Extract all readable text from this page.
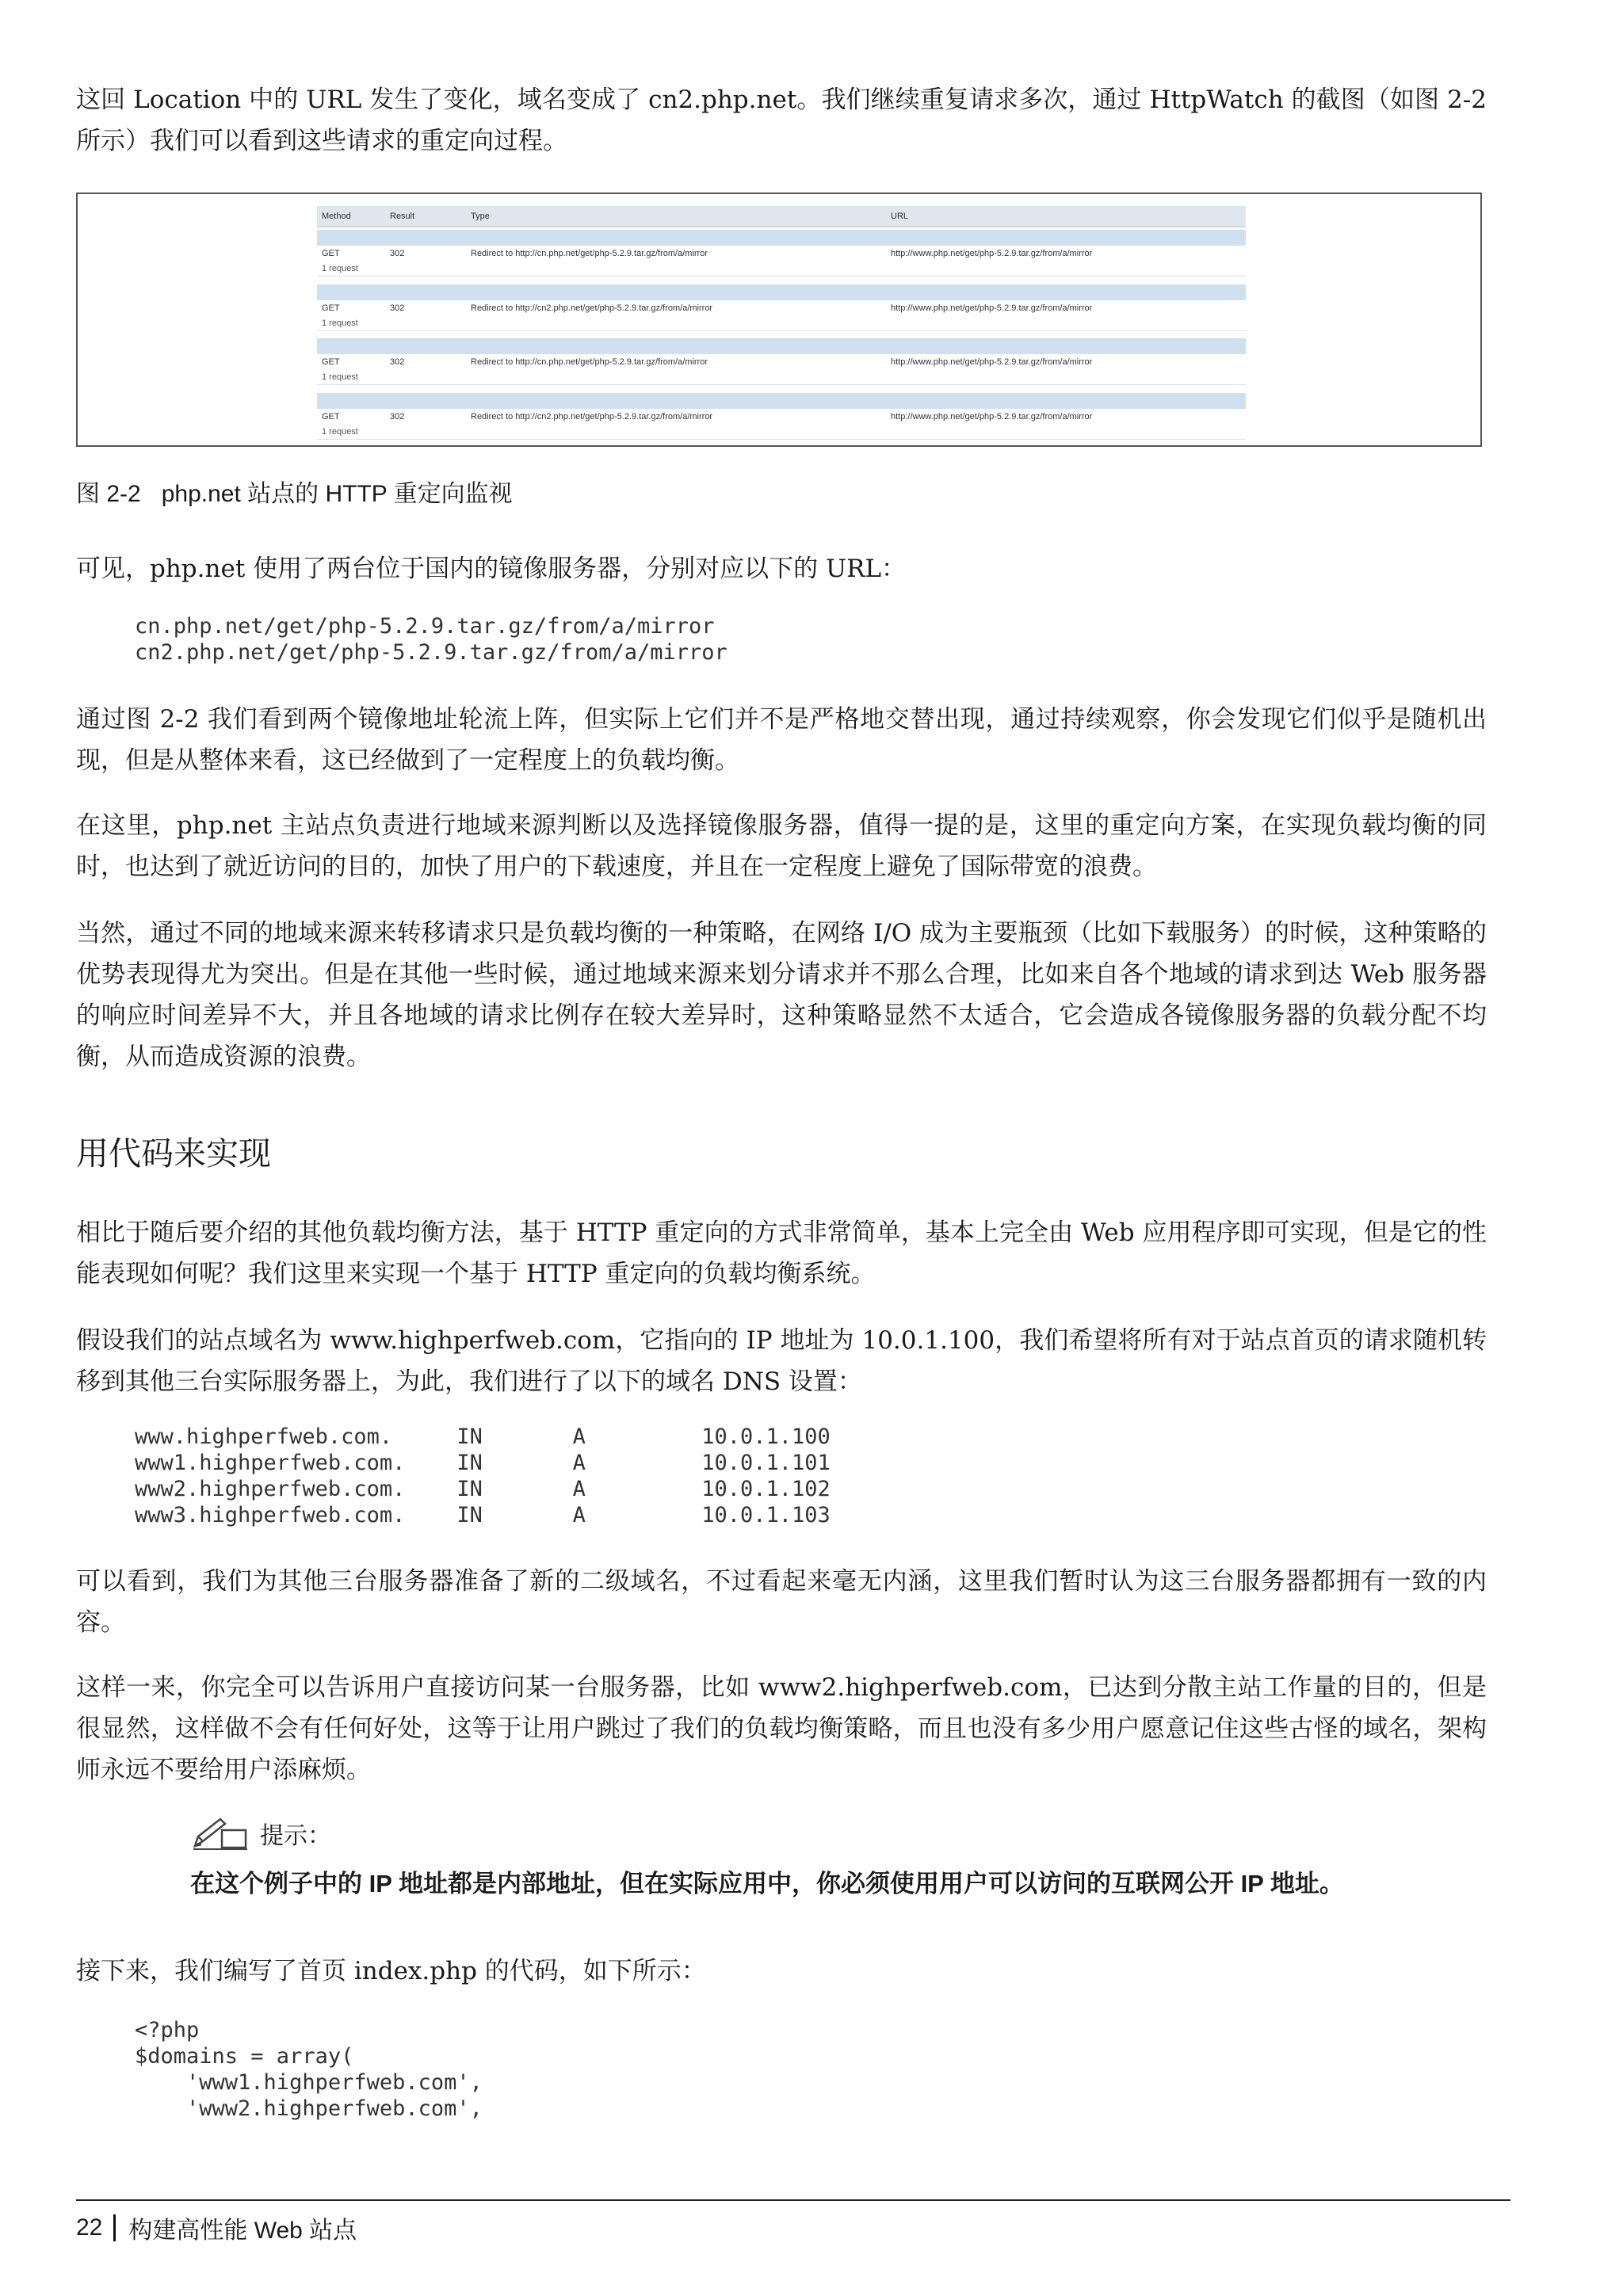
这回 Location 中的 URL 发生了变化，域名变成了 cn2.php.net。我们继续重复请求多次，通过 HttpWatch 的截图（如图 2-2 所示）我们可以看到这些请求的重定向过程。

Method	Result	Type	URL
GET	302	Redirect to http://cn.php.net/get/php-5.2.9.tar.gz/from/a/mirror	http://www.php.net/get/php-5.2.9.tar.gz/from/a/mirror
1 request
GET	302	Redirect to http://cn2.php.net/get/php-5.2.9.tar.gz/from/a/mirror	http://www.php.net/get/php-5.2.9.tar.gz/from/a/mirror
1 request
GET	302	Redirect to http://cn.php.net/get/php-5.2.9.tar.gz/from/a/mirror	http://www.php.net/get/php-5.2.9.tar.gz/from/a/mirror
1 request
GET	302	Redirect to http://cn2.php.net/get/php-5.2.9.tar.gz/from/a/mirror	http://www.php.net/get/php-5.2.9.tar.gz/from/a/mirror
1 request

图 2-2 php.net 站点的 HTTP 重定向监视

可见，php.net 使用了两台位于国内的镜像服务器，分别对应以下的 URL：

cn.php.net/get/php-5.2.9.tar.gz/from/a/mirror
cn2.php.net/get/php-5.2.9.tar.gz/from/a/mirror

通过图 2-2 我们看到两个镜像地址轮流上阵，但实际上它们并不是严格地交替出现，通过持续观察，你会发现它们似乎是随机出现，但是从整体来看，这已经做到了一定程度上的负载均衡。

在这里，php.net 主站点负责进行地域来源判断以及选择镜像服务器，值得一提的是，这里的重定向方案，在实现负载均衡的同时，也达到了就近访问的目的，加快了用户的下载速度，并且在一定程度上避免了国际带宽的浪费。

当然，通过不同的地域来源来转移请求只是负载均衡的一种策略，在网络 I/O 成为主要瓶颈（比如下载服务）的时候，这种策略的优势表现得尤为突出。但是在其他一些时候，通过地域来源来划分请求并不那么合理，比如来自各个地域的请求到达 Web 服务器的响应时间差异不大，并且各地域的请求比例存在较大差异时，这种策略显然不太适合，它会造成各镜像服务器的负载分配不均衡，从而造成资源的浪费。

用代码来实现

相比于随后要介绍的其他负载均衡方法，基于 HTTP 重定向的方式非常简单，基本上完全由 Web 应用程序即可实现，但是它的性能表现如何呢？我们这里来实现一个基于 HTTP 重定向的负载均衡系统。

假设我们的站点域名为 www.highperfweb.com，它指向的 IP 地址为 10.0.1.100，我们希望将所有对于站点首页的请求随机转移到其他三台实际服务器上，为此，我们进行了以下的域名 DNS 设置：

www.highperfweb.com.     IN       A         10.0.1.100
www1.highperfweb.com.    IN       A         10.0.1.101
www2.highperfweb.com.    IN       A         10.0.1.102
www3.highperfweb.com.    IN       A         10.0.1.103

可以看到，我们为其他三台服务器准备了新的二级域名，不过看起来毫无内涵，这里我们暂时认为这三台服务器都拥有一致的内容。

这样一来，你完全可以告诉用户直接访问某一台服务器，比如 www2.highperfweb.com，已达到分散主站工作量的目的，但是很显然，这样做不会有任何好处，这等于让用户跳过了我们的负载均衡策略，而且也没有多少用户愿意记住这些古怪的域名，架构师永远不要给用户添麻烦。

提示：

在这个例子中的 IP 地址都是内部地址，但在实际应用中，你必须使用用户可以访问的互联网公开 IP 地址。

接下来，我们编写了首页 index.php 的代码，如下所示：

<?php
$domains = array(
'www1.highperfweb.com',
'www2.highperfweb.com',
22 构建高性能 Web 站点
